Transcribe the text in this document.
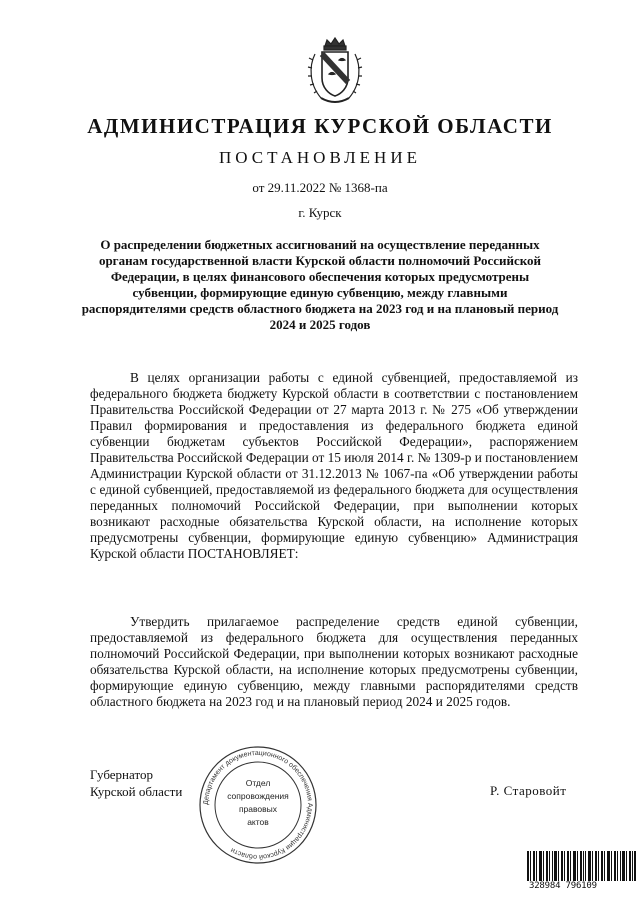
АДМИНИСТРАЦИЯ КУРСКОЙ ОБЛАСТИ
ПОСТАНОВЛЕНИЕ
от 29.11.2022 № 1368-па
г. Курск
О распределении бюджетных ассигнований на осуществление переданных органам государственной власти Курской области полномочий Российской Федерации, в целях финансового обеспечения которых предусмотрены субвенции, формирующие единую субвенцию, между главными распорядителями средств областного бюджета на 2023 год и на плановый период 2024 и 2025 годов
В целях организации работы с единой субвенцией, предоставляемой из федерального бюджета бюджету Курской области в соответствии с постановлением Правительства Российской Федерации от 27 марта 2013 г. № 275 «Об утверждении Правил формирования и предоставления из федерального бюджета единой субвенции бюджетам субъектов Российской Федерации», распоряжением Правительства Российской Федерации от 15 июля 2014 г. № 1309-р и постановлением Администрации Курской области от 31.12.2013 № 1067-па «Об утверждении работы с единой субвенцией, предоставляемой из федерального бюджета для осуществления переданных полномочий Российской Федерации, при выполнении которых возникают расходные обязательства Курской области, на исполнение которых предусмотрены субвенции, формирующие единую субвенцию» Администрация Курской области ПОСТАНОВЛЯЕТ:
Утвердить прилагаемое распределение средств единой субвенции, предоставляемой из федерального бюджета для осуществления переданных полномочий Российской Федерации, при выполнении которых возникают расходные обязательства Курской области, на исполнение которых предусмотрены субвенции, формирующие единую субвенцию, между главными распорядителями средств областного бюджета на 2023 год и на плановый период 2024 и 2025 годов.
Губернатор
Курской области	Р. Старовойт
Департамент документационного обеспечения Администрации Курской области
Отдел
сопровождения
правовых
актов
328984 796109
